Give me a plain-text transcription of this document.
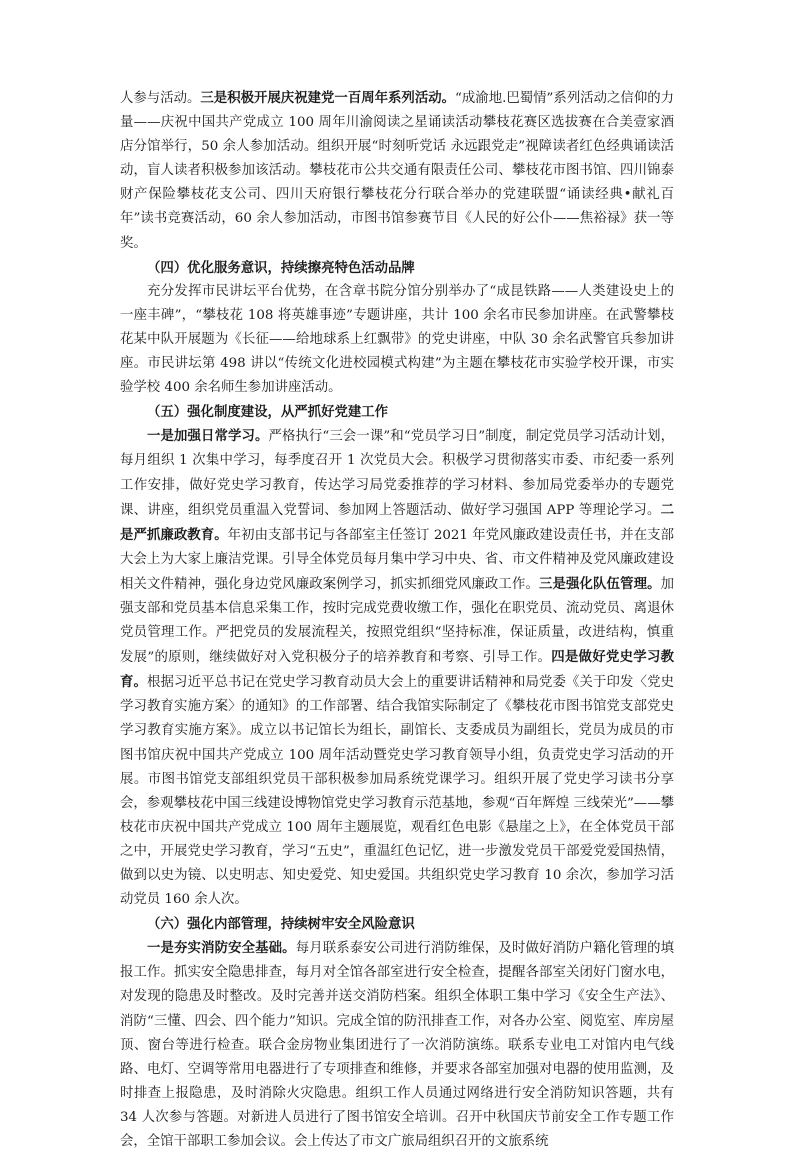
人参与活动。三是积极开展庆祝建党一百周年系列活动。“成渝地.巴蜀情”系列活动之信仰的力量——庆祝中国共产党成立 100 周年川渝阅读之星诵读活动攀枝花赛区选拔赛在合美壹家酒店分馆举行，50 余人参加活动。组织开展“时刻听党话 永远跟党走”视障读者红色经典诵读活动，盲人读者积极参加该活动。攀枝花市公共交通有限责任公司、攀枝花市图书馆、四川锦泰财产保险攀枝花支公司、四川天府银行攀枝花分行联合举办的党建联盟“诵读经典•献礼百年”读书竞赛活动，60 余人参加活动，市图书馆参赛节目《人民的好公仆——焦裕禄》获一等奖。

（四）优化服务意识，持续擦亮特色活动品牌

充分发挥市民讲坛平台优势，在含章书院分馆分别举办了“成昆铁路——人类建设史上的一座丰碑”，“攀枝花 108 将英雄事迹”专题讲座，共计 100 余名市民参加讲座。在武警攀枝花某中队开展题为《长征——给地球系上红飘带》的党史讲座，中队 30 余名武警官兵参加讲座。市民讲坛第 498 讲以“传统文化进校园模式构建”为主题在攀枝花市实验学校开课，市实验学校 400 余名师生参加讲座活动。

（五）强化制度建设，从严抓好党建工作

一是加强日常学习。严格执行“三会一课”和“党员学习日”制度，制定党员学习活动计划，每月组织 1 次集中学习，每季度召开 1 次党员大会。积极学习贯彻落实市委、市纪委一系列工作安排，做好党史学习教育，传达学习局党委推荐的学习材料、参加局党委举办的专题党课、讲座，组织党员重温入党誓词、参加网上答题活动、做好学习强国 APP 等理论学习。二是严抓廉政教育。年初由支部书记与各部室主任签订 2021 年党风廉政建设责任书，并在支部大会上为大家上廉洁党课。引导全体党员每月集中学习中央、省、市文件精神及党风廉政建设相关文件精神，强化身边党风廉政案例学习，抓实抓细党风廉政工作。三是强化队伍管理。加强支部和党员基本信息采集工作，按时完成党费收缴工作，强化在职党员、流动党员、离退休党员管理工作。严把党员的发展流程关，按照党组织“坚持标准，保证质量，改进结构，慎重发展”的原则，继续做好对入党积极分子的培养教育和考察、引导工作。四是做好党史学习教育。根据习近平总书记在党史学习教育动员大会上的重要讲话精神和局党委《关于印发〈党史学习教育实施方案〉的通知》的工作部署、结合我馆实际制定了《攀枝花市图书馆党支部党史学习教育实施方案》。成立以书记馆长为组长，副馆长、支委成员为副组长，党员为成员的市图书馆庆祝中国共产党成立 100 周年活动暨党史学习教育领导小组，负责党史学习活动的开展。市图书馆党支部组织党员干部积极参加局系统党课学习。组织开展了党史学习读书分享会，参观攀枝花中国三线建设博物馆党史学习教育示范基地，参观“百年辉煌 三线荣光”——攀枝花市庆祝中国共产党成立 100 周年主题展览，观看红色电影《悬崖之上》，在全体党员干部之中，开展党史学习教育，学习“五史”，重温红色记忆，进一步激发党员干部爱党爱国热情，做到以史为镜、以史明志、知史爱党、知史爱国。共组织党史学习教育 10 余次，参加学习活动党员 160 余人次。

（六）强化内部管理，持续树牢安全风险意识

一是夯实消防安全基础。每月联系泰安公司进行消防维保，及时做好消防户籍化管理的填报工作。抓实安全隐患排查，每月对全馆各部室进行安全检查，提醒各部室关闭好门窗水电，对发现的隐患及时整改。及时完善并送交消防档案。组织全体职工集中学习《安全生产法》、消防“三懂、四会、四个能力”知识。完成全馆的防汛排查工作，对各办公室、阅览室、库房屋顶、窗台等进行检查。联合金房物业集团进行了一次消防演练。联系专业电工对馆内电气线路、电灯、空调等常用电器进行了专项排查和维修，并要求各部室加强对电器的使用监测，及时排查上报隐患，及时消除火灾隐患。组织工作人员通过网络进行安全消防知识答题，共有 34 人次参与答题。对新进人员进行了图书馆安全培训。召开中秋国庆节前安全工作专题工作会，全馆干部职工参加会议。会上传达了市文广旅局组织召开的文旅系统
